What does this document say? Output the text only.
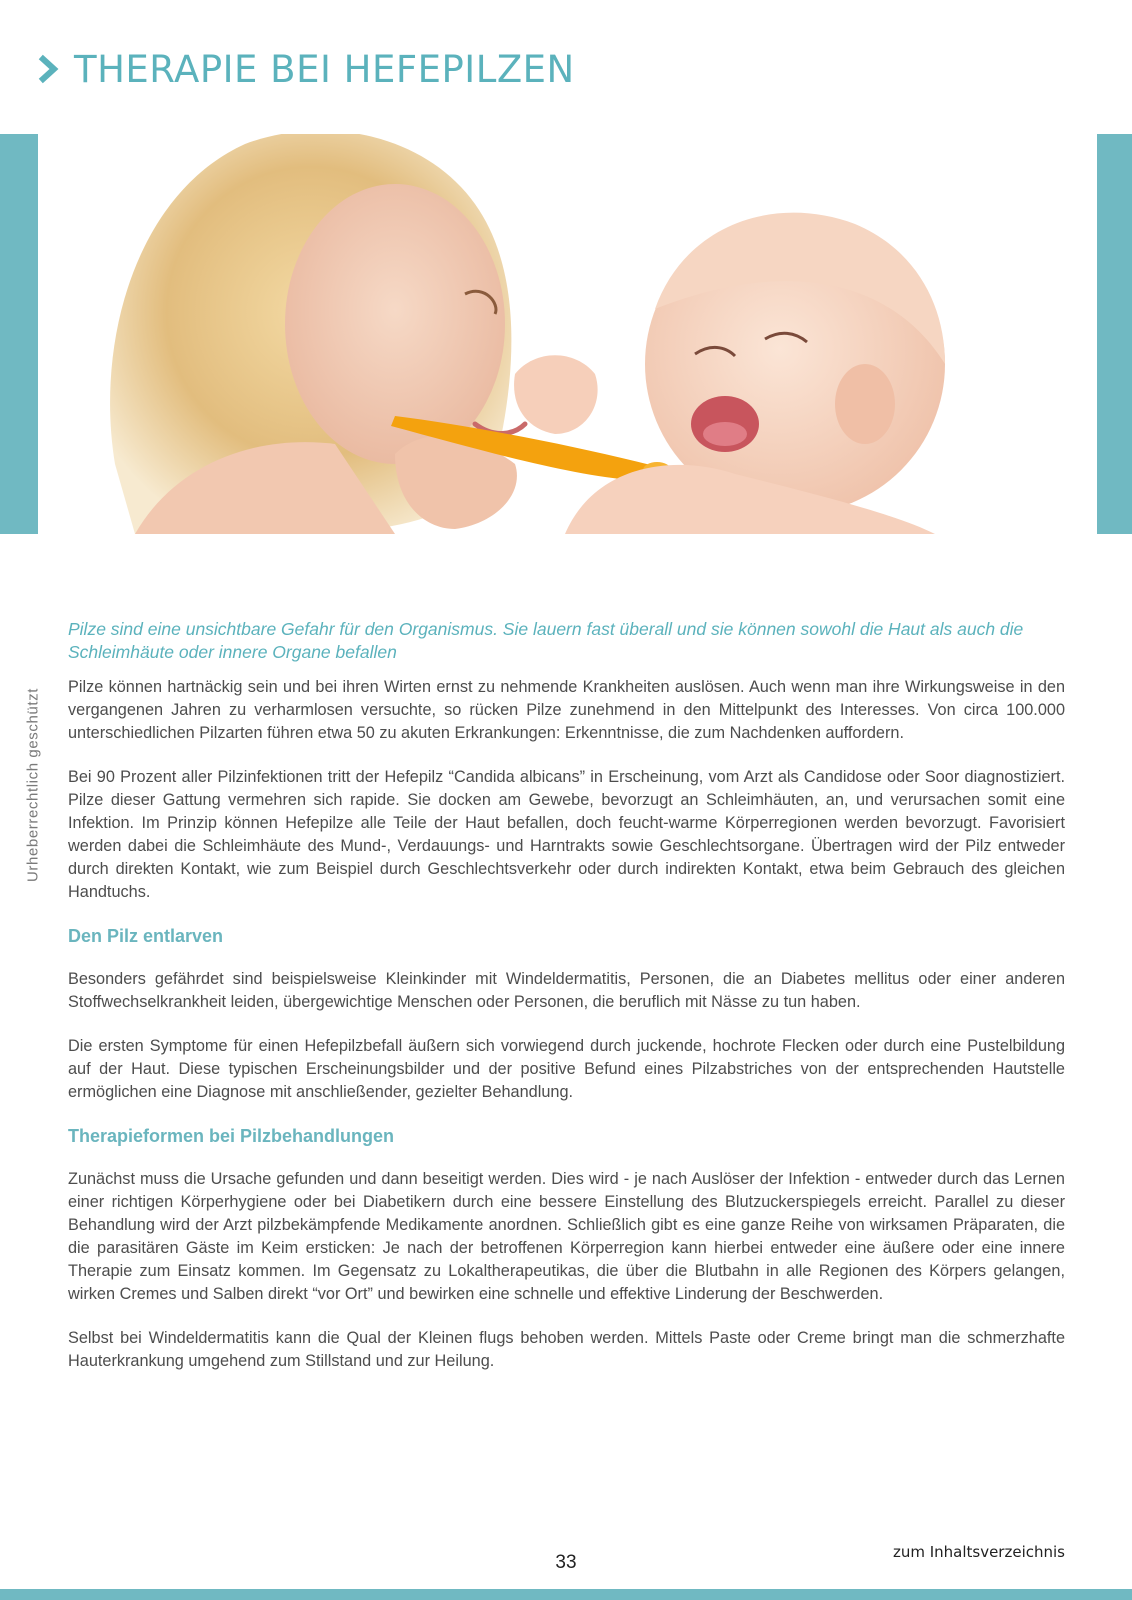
THERAPIE BEI HEFEPILZEN
Urheberrechtlich geschützt

Pilze sind eine unsichtbare Gefahr für den Organismus. Sie lauern fast überall und sie können sowohl die Haut als auch die Schleimhäute oder innere Organe befallen

Pilze können hartnäckig sein und bei ihren Wirten ernst zu nehmende Krankheiten auslösen. Auch wenn man ihre Wirkungsweise in den vergangenen Jahren zu verharmlosen versuchte, so rücken Pilze zunehmend in den Mittelpunkt des Interesses. Von circa 100.000 unterschiedlichen Pilzarten führen etwa 50 zu akuten Erkrankungen: Erkenntnisse, die zum Nachdenken auffordern.

Bei 90 Prozent aller Pilzinfektionen tritt der Hefepilz “Candida albicans” in Erscheinung, vom Arzt als Candidose oder Soor diagnostiziert. Pilze dieser Gattung vermehren sich rapide. Sie docken am Gewebe, bevorzugt an Schleimhäuten, an, und verursachen somit eine Infektion. Im Prinzip können Hefepilze alle Teile der Haut befallen, doch feucht-warme Körperregionen werden bevorzugt. Favorisiert werden dabei die Schleimhäute des Mund-, Verdauungs- und Harntrakts sowie Geschlechtsorgane. Übertragen wird der Pilz entweder durch direkten Kontakt, wie zum Beispiel durch Geschlechtsverkehr oder durch indirekten Kontakt, etwa beim Gebrauch des gleichen Handtuchs.

Den Pilz entlarven

Besonders gefährdet sind beispielsweise Kleinkinder mit Windeldermatitis, Personen, die an Diabetes mellitus oder einer anderen Stoffwechselkrankheit leiden, übergewichtige Menschen oder Personen, die beruflich mit Nässe zu tun haben.

Die ersten Symptome für einen Hefepilzbefall äußern sich vorwiegend durch juckende, hochrote Flecken oder durch eine Pustelbildung auf der Haut. Diese typischen Erscheinungsbilder und der positive Befund eines Pilzabstriches von der entsprechenden Hautstelle ermöglichen eine Diagnose mit anschließender, gezielter Behandlung.

Therapieformen bei Pilzbehandlungen

Zunächst muss die Ursache gefunden und dann beseitigt werden. Dies wird - je nach Auslöser der Infektion - entweder durch das Lernen einer richtigen Körperhygiene oder bei Diabetikern durch eine bessere Einstellung des Blutzuckerspiegels erreicht. Parallel zu dieser Behandlung wird der Arzt pilzbekämpfende Medikamente anordnen. Schließlich gibt es eine ganze Reihe von wirksamen Präparaten, die die parasitären Gäste im Keim ersticken: Je nach der betroffenen Körperregion kann hierbei entweder eine äußere oder eine innere Therapie zum Einsatz kommen. Im Gegensatz zu Lokaltherapeutikas, die über die Blutbahn in alle Regionen des Körpers gelangen, wirken Cremes und Salben direkt “vor Ort” und bewirken eine schnelle und effektive Linderung der Beschwerden.

Selbst bei Windeldermatitis kann die Qual der Kleinen flugs behoben werden. Mittels Paste oder Creme bringt man die schmerzhafte Hauterkrankung umgehend zum Stillstand und zur Heilung.

33	zum Inhaltsverzeichnis
